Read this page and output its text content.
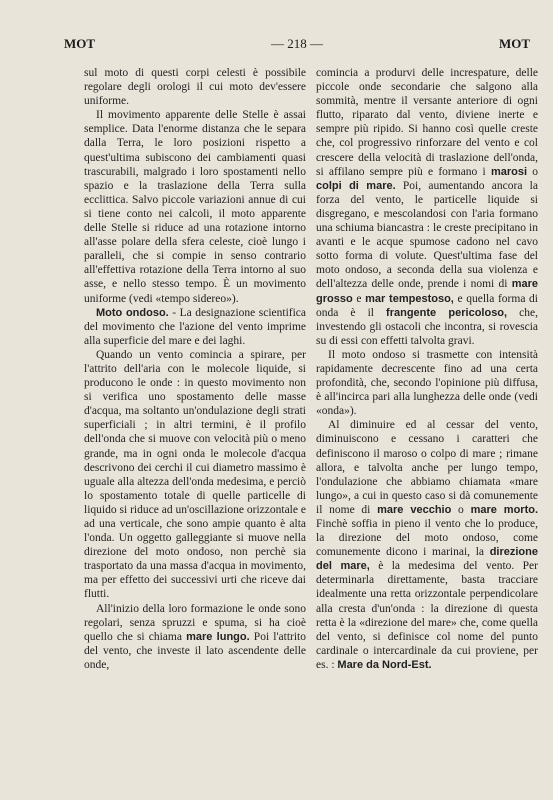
MOT	— 218 —	MOT

sul moto di questi corpi celesti è possibile regolare degli orologi il cui moto dev'essere uniforme.

Il movimento apparente delle Stelle è assai semplice. Data l'enorme distanza che le separa dalla Terra, le loro posizioni rispetto a quest'ultima subiscono dei cambiamenti quasi trascurabili, malgrado i loro spostamenti nello spazio e la traslazione della Terra sulla ecclittica. Salvo piccole variazioni annue di cui si tiene conto nei calcoli, il moto apparente delle Stelle si riduce ad una rotazione intorno all'asse polare della sfera celeste, cioè lungo i paralleli, che si compie in senso contrario all'effettiva rotazione della Terra intorno al suo asse, e nello stesso tempo. È un movimento uniforme (vedi «tempo sidereo»).

Moto ondoso. - La designazione scientifica del movimento che l'azione del vento imprime alla superficie del mare e dei laghi.

Quando un vento comincia a spirare, per l'attrito dell'aria con le molecole liquide, si producono le onde : in questo movimento non si verifica uno spostamento delle masse d'acqua, ma soltanto un'ondulazione degli strati superficiali ; in altri termini, è il profilo dell'onda che si muove con velocità più o meno grande, ma in ogni onda le molecole d'acqua descrivono dei cerchi il cui diametro massimo è uguale alla altezza dell'onda medesima, e perciò lo spostamento totale di quelle particelle di liquido si riduce ad un'oscillazione orizzontale e ad una verticale, che sono ampie quanto è alta l'onda. Un oggetto galleggiante si muove nella direzione del moto ondoso, non perchè sia trasportato da una massa d'acqua in movimento, ma per effetto dei successivi urti che riceve dai flutti.

All'inizio della loro formazione le onde sono regolari, senza spruzzi e spuma, si ha cioè quello che si chiama mare lungo. Poi l'attrito del vento, che investe il lato ascendente delle onde,

comincia a produrvi delle increspature, delle piccole onde secondarie che salgono alla sommità, mentre il versante anteriore di ogni flutto, riparato dal vento, diviene inerte e sempre più ripido. Si hanno così quelle creste che, col progressivo rinforzare del vento e col crescere della velocità di traslazione dell'onda, si affilano sempre più e formano i marosi o colpi di mare. Poi, aumentando ancora la forza del vento, le particelle liquide si disgregano, e mescolandosi con l'aria formano una schiuma biancastra : le creste precipitano in avanti e le acque spumose cadono nel cavo sotto forma di volute. Quest'ultima fase del moto ondoso, a seconda della sua violenza e dell'altezza delle onde, prende i nomi di mare grosso e mar tempestoso, e quella forma di onda è il frangente pericoloso, che, investendo gli ostacoli che incontra, si rovescia su di essi con effetti talvolta gravi.

Il moto ondoso si trasmette con intensità rapidamente decrescente fino ad una certa profondità, che, secondo l'opinione più diffusa, è all'incirca pari alla lunghezza delle onde (vedi «onda»).

Al diminuire ed al cessar del vento, diminuiscono e cessano i caratteri che definiscono il maroso o colpo di mare ; rimane allora, e talvolta anche per lungo tempo, l'ondulazione che abbiamo chiamata «mare lungo», a cui in questo caso si dà comunemente il nome di mare vecchio o mare morto. Finchè soffia in pieno il vento che lo produce, la direzione del moto ondoso, come comunemente dicono i marinai, la direzione del mare, è la medesima del vento. Per determinarla direttamente, basta tracciare idealmente una retta orizzontale perpendicolare alla cresta d'un'onda : la direzione di questa retta è la «direzione del mare» che, come quella del vento, si definisce col nome del punto cardinale o intercardinale da cui proviene, per es. : Mare da Nord-Est.
